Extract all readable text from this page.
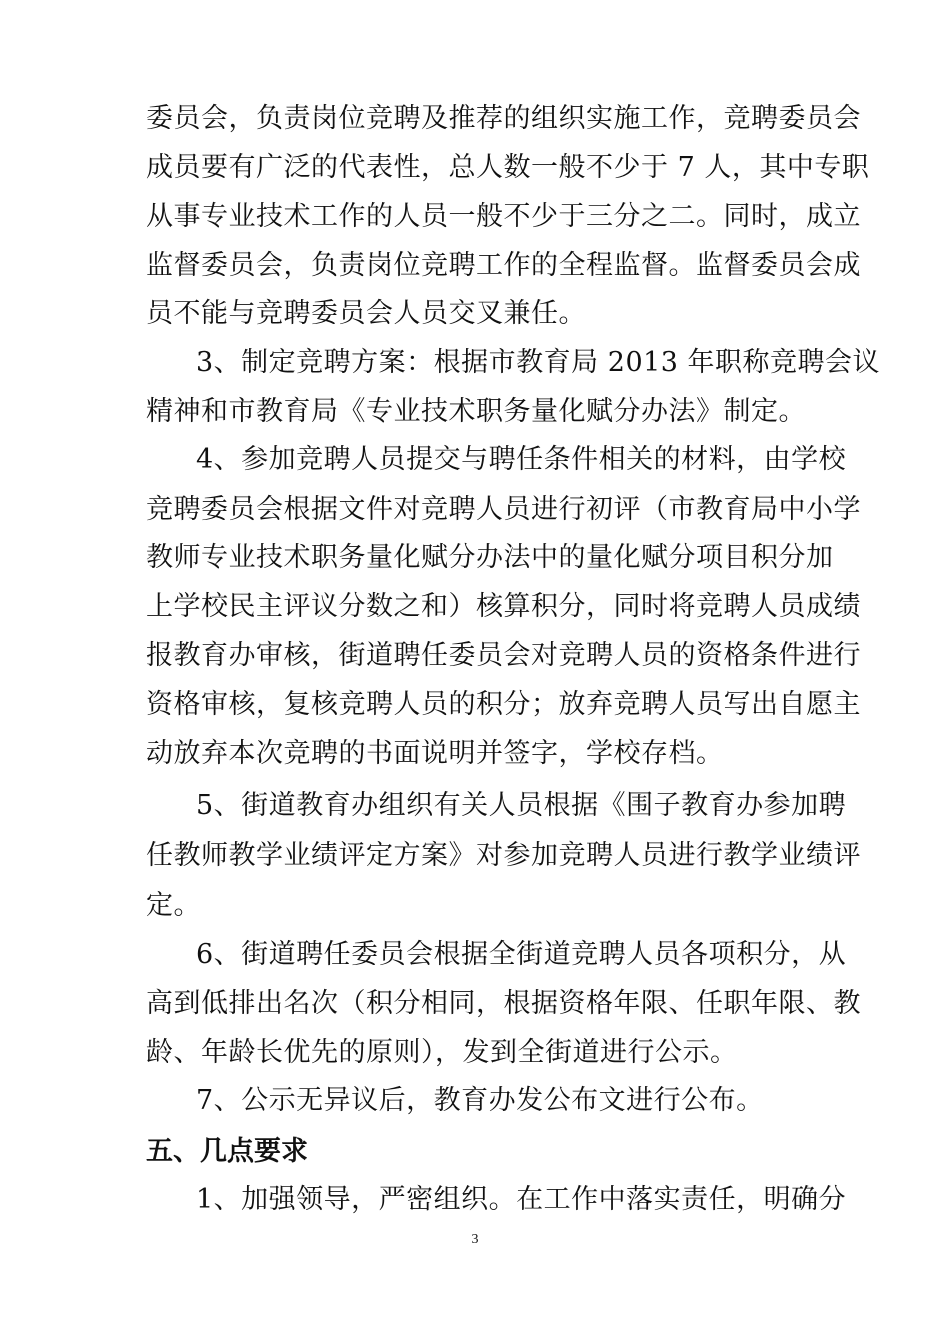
委员会，负责岗位竞聘及推荐的组织实施工作，竞聘委员会
成员要有广泛的代表性，总人数一般不少于 7 人，其中专职
从事专业技术工作的人员一般不少于三分之二。同时，成立
监督委员会，负责岗位竞聘工作的全程监督。监督委员会成
员不能与竞聘委员会人员交叉兼任。
3、制定竞聘方案：根据市教育局 2013 年职称竞聘会议
精神和市教育局《专业技术职务量化赋分办法》制定。
4、参加竞聘人员提交与聘任条件相关的材料，由学校
竞聘委员会根据文件对竞聘人员进行初评（市教育局中小学
教师专业技术职务量化赋分办法中的量化赋分项目积分加
上学校民主评议分数之和）核算积分，同时将竞聘人员成绩
报教育办审核，街道聘任委员会对竞聘人员的资格条件进行
资格审核，复核竞聘人员的积分；放弃竞聘人员写出自愿主
动放弃本次竞聘的书面说明并签字，学校存档。
5、街道教育办组织有关人员根据《围子教育办参加聘
任教师教学业绩评定方案》对参加竞聘人员进行教学业绩评
定。
6、街道聘任委员会根据全街道竞聘人员各项积分，从
高到低排出名次（积分相同，根据资格年限、任职年限、教
龄、年龄长优先的原则），发到全街道进行公示。
7、公示无异议后，教育办发公布文进行公布。
五、几点要求
1、加强领导，严密组织。在工作中落实责任，明确分
3
